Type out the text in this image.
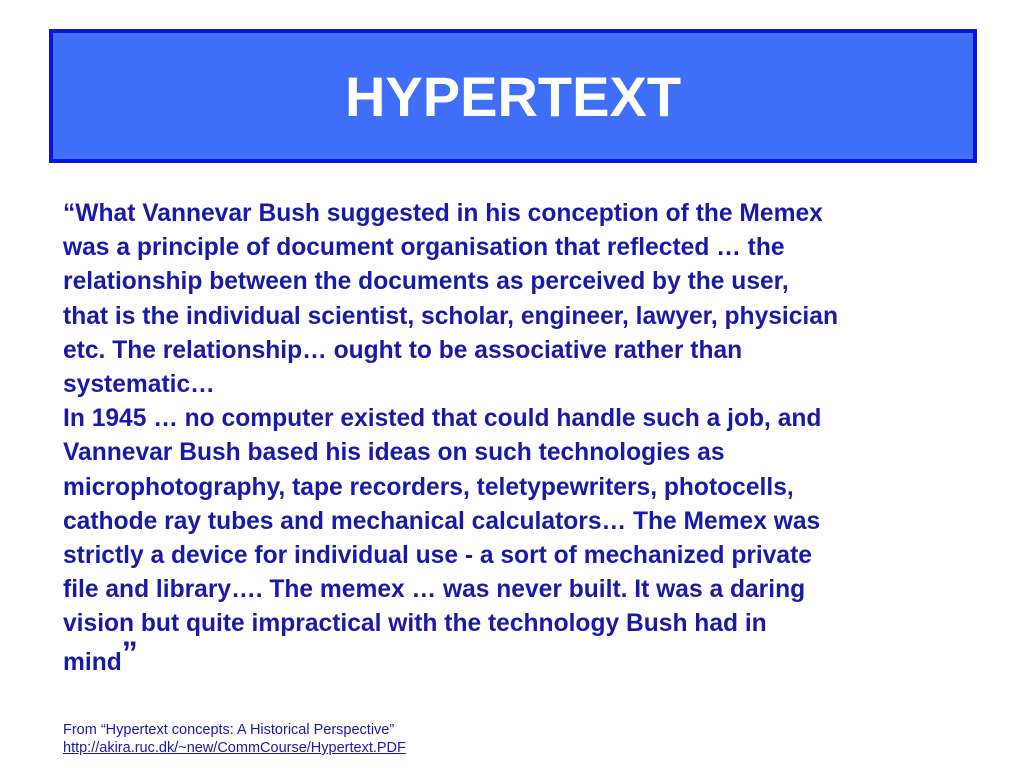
HYPERTEXT
“What Vannevar Bush suggested in his conception of the Memex
was a principle of document organisation that reflected … the
relationship between the documents as perceived by the user,
that is the individual scientist, scholar, engineer, lawyer, physician
etc. The relationship… ought to be associative rather than
systematic…
In 1945 … no computer existed that could handle such a job, and
Vannevar Bush based his ideas on such technologies as
microphotography, tape recorders, teletypewriters, photocells,
cathode ray tubes and mechanical calculators… The Memex was
strictly a device for individual use - a sort of mechanized private
file and library…. The memex … was never built. It was a daring
vision but quite impractical with the technology Bush had in
mind”
From “Hypertext concepts: A Historical Perspective”
http://akira.ruc.dk/~new/CommCourse/Hypertext.PDF
